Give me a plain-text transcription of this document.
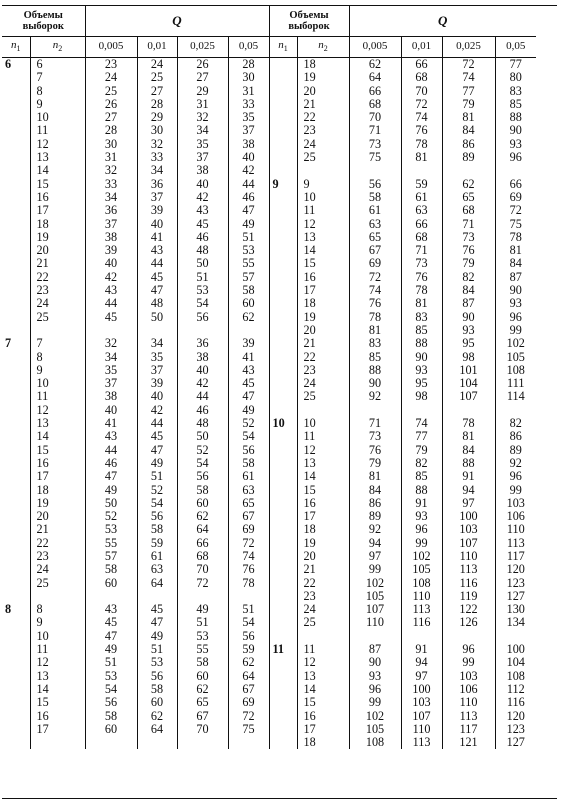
Объемы
выборок		Q				Объемы
выборок		Q			
$n_1$	$n_2$	0,005	0,01	0,025	0,05	$n_1$	$n_2$	0,005	0,01	0,025	0,05
6	6	23	24	26	28		18	62	66	72	77
	7	24	25	27	30		19	64	68	74	80
	8	25	27	29	31		20	66	70	77	83
	9	26	28	31	33		21	68	72	79	85
	10	27	29	32	35		22	70	74	81	88
	11	28	30	34	37		23	71	76	84	90
	12	30	32	35	38		24	73	78	86	93
	13	31	33	37	40		25	75	81	89	96
	14	32	34	38	42						
	15	33	36	40	44	9	9	56	59	62	66
	16	34	37	42	46		10	58	61	65	69
	17	36	39	43	47		11	61	63	68	72
	18	37	40	45	49		12	63	66	71	75
	19	38	41	46	51		13	65	68	73	78
	20	39	43	48	53		14	67	71	76	81
	21	40	44	50	55		15	69	73	79	84
	22	42	45	51	57		16	72	76	82	87
	23	43	47	53	58		17	74	78	84	90
	24	44	48	54	60		18	76	81	87	93
	25	45	50	56	62		19	78	83	90	96
							20	81	85	93	99
7	7	32	34	36	39		21	83	88	95	102
	8	34	35	38	41		22	85	90	98	105
	9	35	37	40	43		23	88	93	101	108
	10	37	39	42	45		24	90	95	104	111
	11	38	40	44	47		25	92	98	107	114
	12	40	42	46	49						
	13	41	44	48	52	10	10	71	74	78	82
	14	43	45	50	54		11	73	77	81	86
	15	44	47	52	56		12	76	79	84	89
	16	46	49	54	58		13	79	82	88	92
	17	47	51	56	61		14	81	85	91	96
	18	49	52	58	63		15	84	88	94	99
	19	50	54	60	65		16	86	91	97	103
	20	52	56	62	67		17	89	93	100	106
	21	53	58	64	69		18	92	96	103	110
	22	55	59	66	72		19	94	99	107	113
	23	57	61	68	74		20	97	102	110	117
	24	58	63	70	76		21	99	105	113	120
	25	60	64	72	78		22	102	108	116	123
							23	105	110	119	127
8	8	43	45	49	51		24	107	113	122	130
	9	45	47	51	54		25	110	116	126	134
	10	47	49	53	56						
	11	49	51	55	59	11	11	87	91	96	100
	12	51	53	58	62		12	90	94	99	104
	13	53	56	60	64		13	93	97	103	108
	14	54	58	62	67		14	96	100	106	112
	15	56	60	65	69		15	99	103	110	116
	16	58	62	67	72		16	102	107	113	120
	17	60	64	70	75		17	105	110	117	123
							18	108	113	121	127
